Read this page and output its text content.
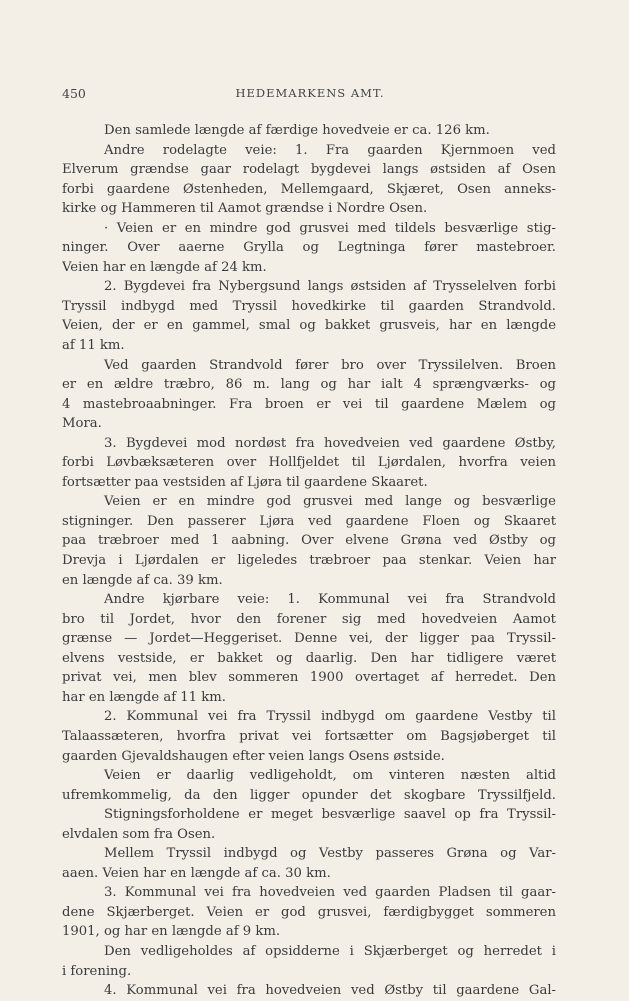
450	HEDEMARKENS AMT.
Den samlede længde af færdige hovedveie er ca. 126 km.
Andre rodelagte veie: 1. Fra gaarden Kjernmoen ved
Elverum grændse gaar rodelagt bygdevei langs østsiden af Osen
forbi gaardene Østenheden, Mellemgaard, Skjæret, Osen anneks-
kirke og Hammeren til Aamot grændse i Nordre Osen.
· Veien er en mindre god grusvei med tildels besværlige stig-
ninger. Over aaerne Grylla og Legtninga fører mastebroer.
Veien har en længde af 24 km.
2. Bygdevei fra Nybergsund langs østsiden af Trysselelven forbi
Tryssil indbygd med Tryssil hovedkirke til gaarden Strandvold.
Veien, der er en gammel, smal og bakket grusveis, har en længde
af 11 km.
Ved gaarden Strandvold fører bro over Tryssilelven. Broen
er en ældre træbro, 86 m. lang og har ialt 4 sprængværks- og
4 mastebroaabninger. Fra broen er vei til gaardene Mælem og
Mora.
3. Bygdevei mod nordøst fra hovedveien ved gaardene Østby,
forbi Løvbæksæteren over Hollfjeldet til Ljørdalen, hvorfra veien
fortsætter paa vestsiden af Ljøra til gaardene Skaaret.
Veien er en mindre god grusvei med lange og besværlige
stigninger. Den passerer Ljøra ved gaardene Floen og Skaaret
paa træbroer med 1 aabning. Over elvene Grøna ved Østby og
Drevja i Ljørdalen er ligeledes træbroer paa stenkar. Veien har
en længde af ca. 39 km.
Andre kjørbare veie: 1. Kommunal vei fra Strandvold
bro til Jordet, hvor den forener sig med hovedveien Aamot
grænse — Jordet—Heggeriset. Denne vei, der ligger paa Tryssil-
elvens vestside, er bakket og daarlig. Den har tidligere været
privat vei, men blev sommeren 1900 overtaget af herredet. Den
har en længde af 11 km.
2. Kommunal vei fra Tryssil indbygd om gaardene Vestby til
Talaassæteren, hvorfra privat vei fortsætter om Bagsjøberget til
gaarden Gjevaldshaugen efter veien langs Osens østside.
Veien er daarlig vedligeholdt, om vinteren næsten altid
ufremkommelig, da den ligger opunder det skogbare Tryssilfjeld.
Stigningsforholdene er meget besværlige saavel op fra Tryssil-
elvdalen som fra Osen.
Mellem Tryssil indbygd og Vestby passeres Grøna og Var-
aaen. Veien har en længde af ca. 30 km.
3. Kommunal vei fra hovedveien ved gaarden Pladsen til gaar-
dene Skjærberget. Veien er god grusvei, færdigbygget sommeren
1901, og har en længde af 9 km.
Den vedligeholdes af opsidderne i Skjærberget og herredet i
i forening.
4. Kommunal vei fra hovedveien ved Østby til gaardene Gal-
